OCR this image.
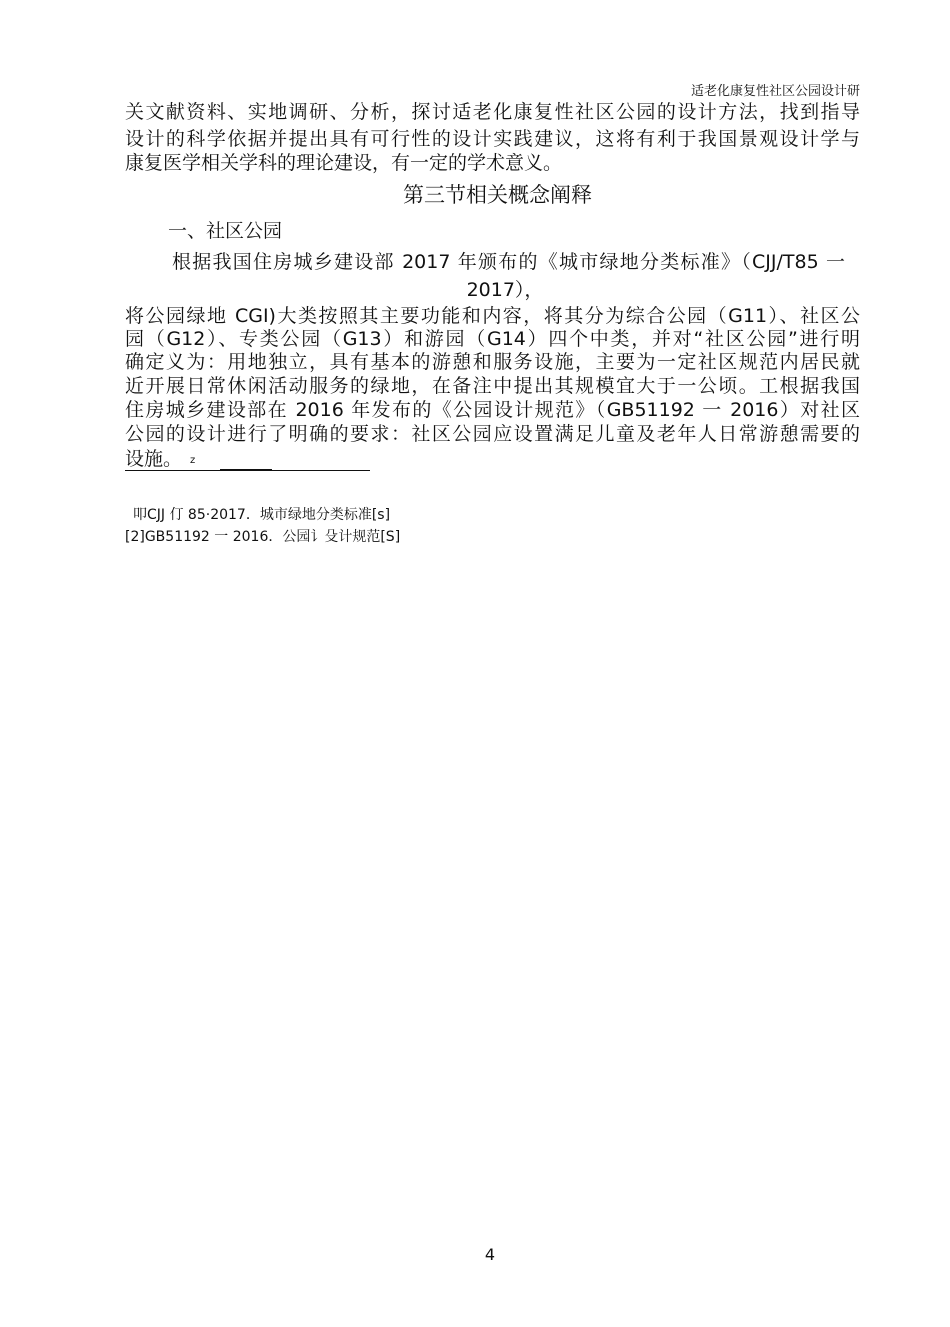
适老化康复性社区公园设计研
关文献资料、实地调研、分析，探讨适老化康复性社区公园的设计方法，找到指导
设计的科学依据并提出具有可行性的设计实践建议，这将有利于我国景观设计学与
康复医学相关学科的理论建设，有一定的学术意义。
第三节相关概念阐释
一、社区公园
根据我国住房城乡建设部 2017 年颁布的《城市绿地分类标准》（CJJ/T85 一
2017），
将公园绿地 CGI)大类按照其主要功能和内容，将其分为综合公园（G11）、社区公
园（G12）、专类公园（G13）和游园（G14）四个中类，并对“社区公园”进行明
确定义为：用地独立，具有基本的游憩和服务设施，主要为一定社区规范内居民就
近开展日常休闲活动服务的绿地，在备注中提出其规模宜大于一公顷。工根据我国
住房城乡建设部在 2016 年发布的《公园设计规范》（GB51192 一 2016）对社区
公园的设计进行了明确的要求：社区公园应设置满足儿童及老年人日常游憩需要的
设施。 z
叩CJJ 仃 85·2017．城市绿地分类标准[s]
[2]GB51192 一 2016．公园讠殳计规范[S]
4
